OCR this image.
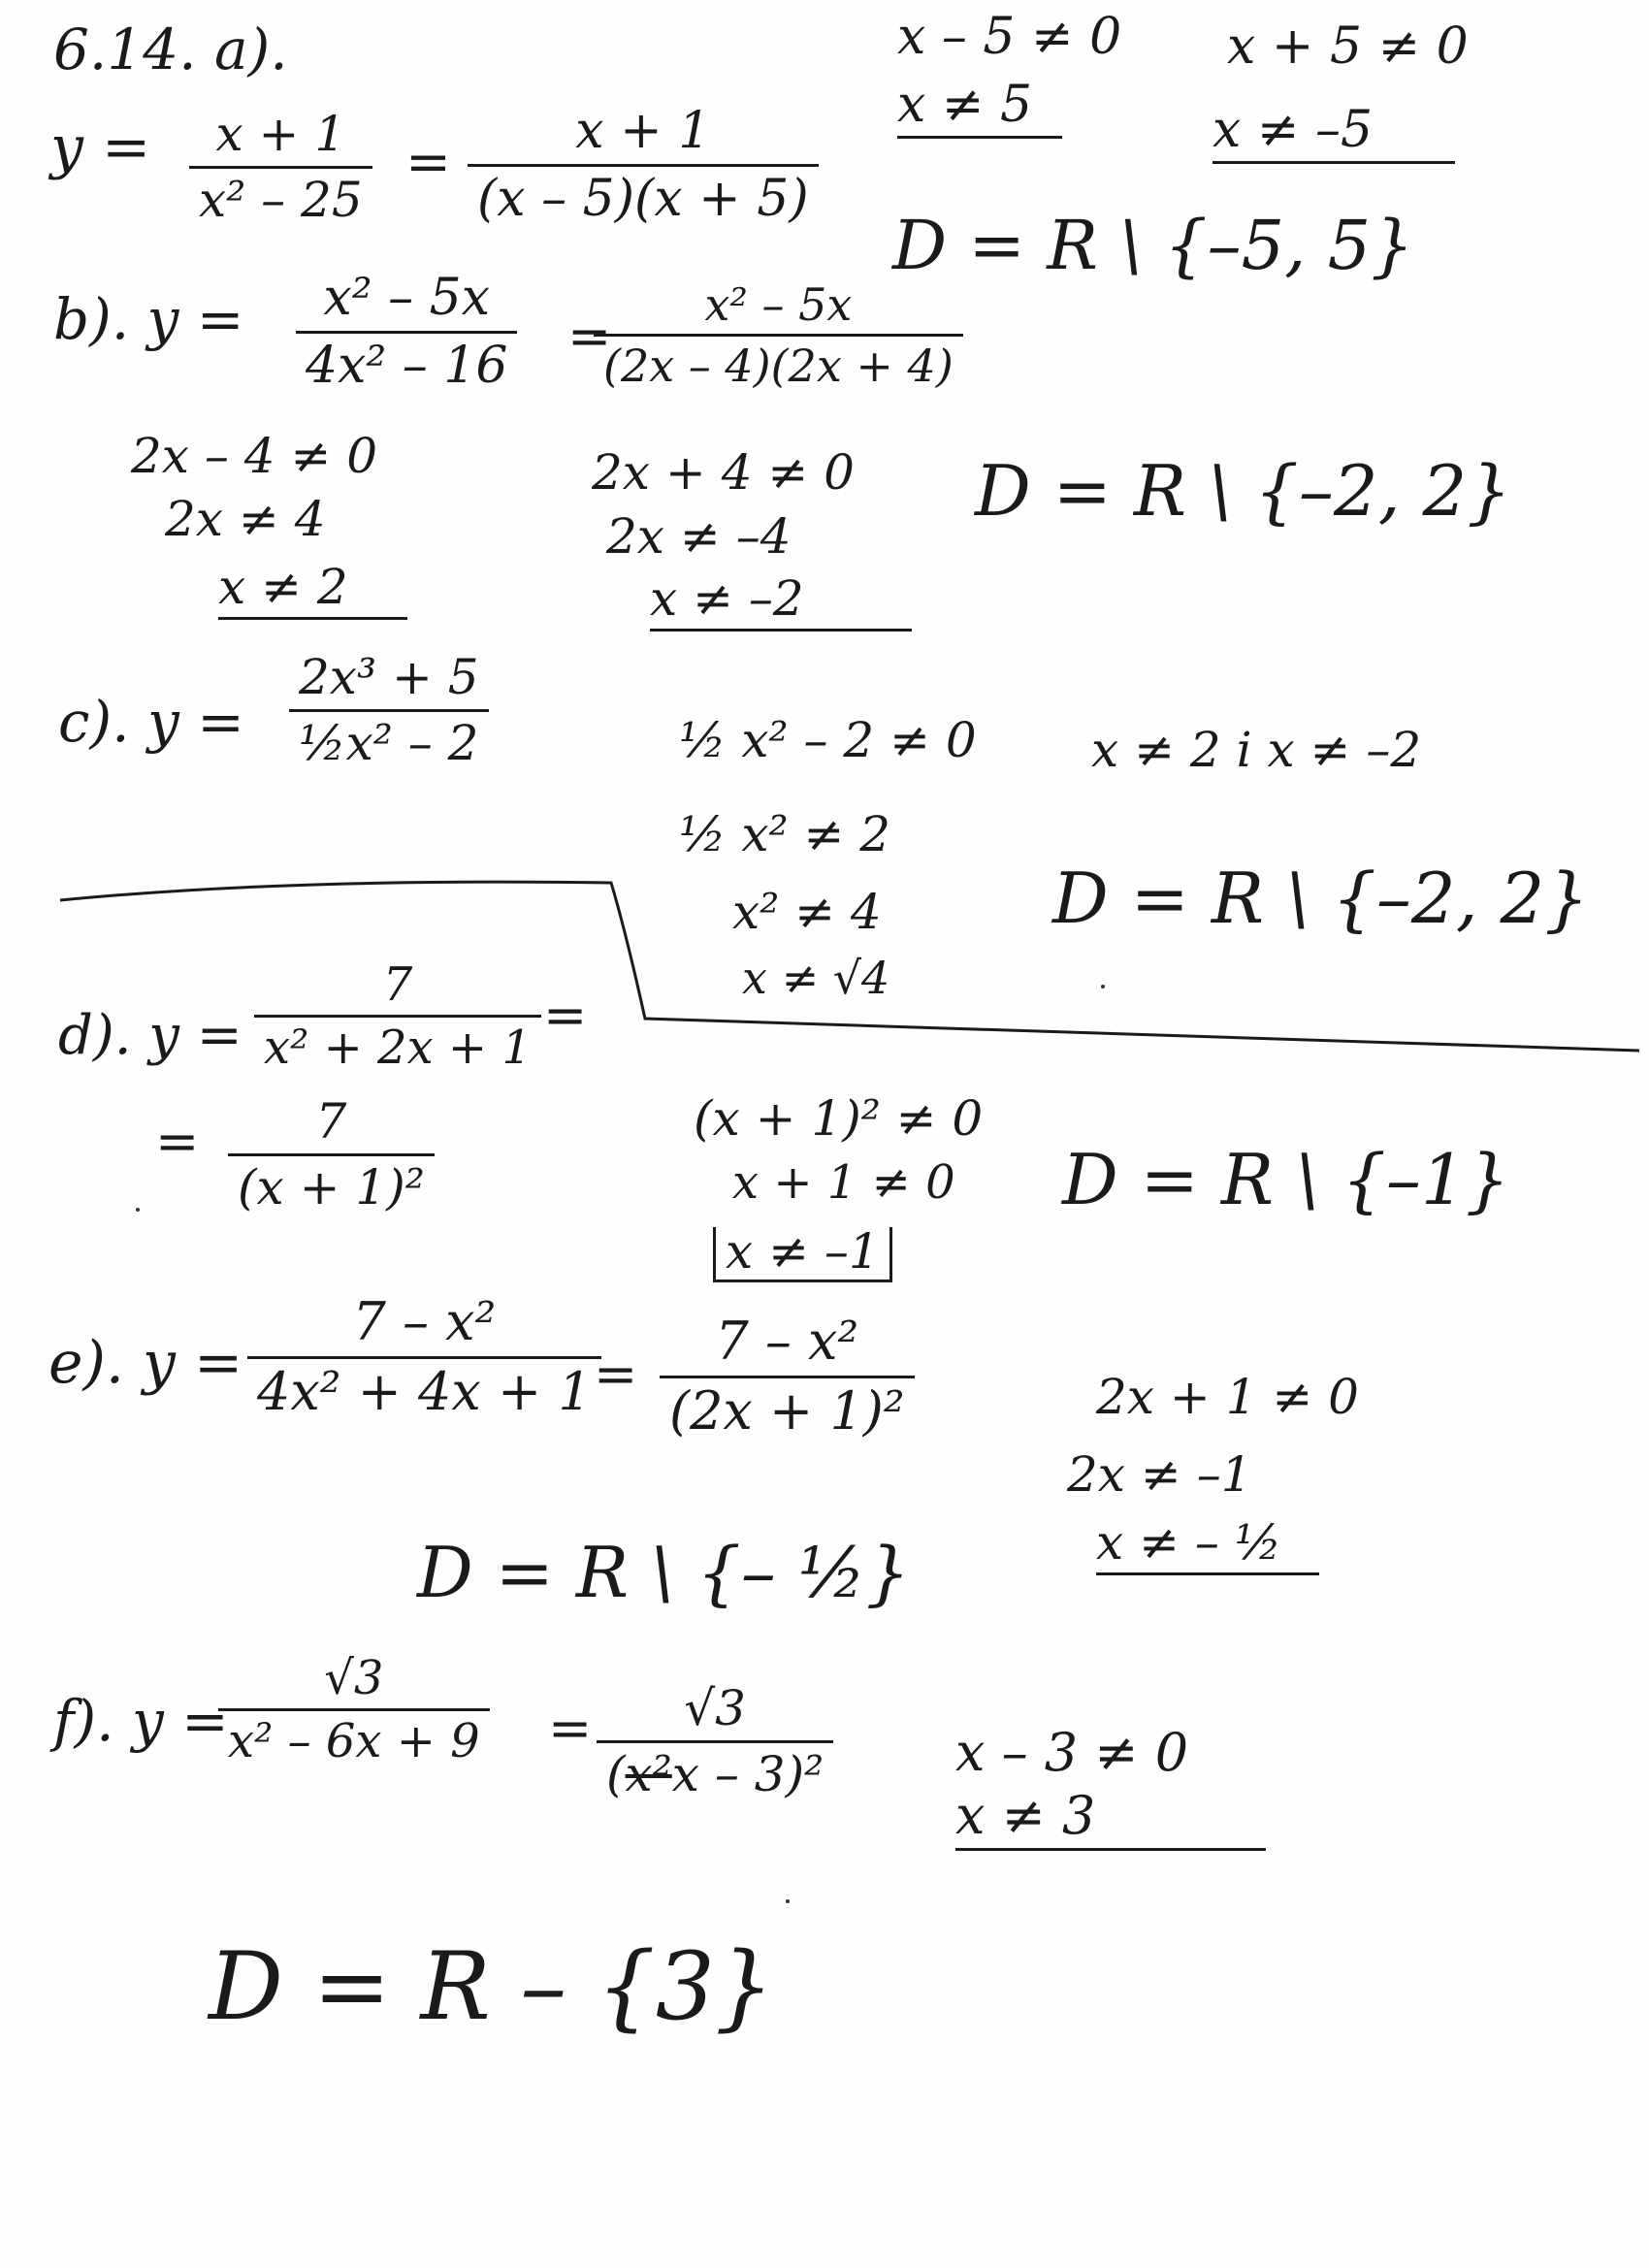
6.14. a).
y = x + 1
x² – 25
= x + 1
(x – 5)(x + 5)
x – 5 ≠ 0
x ≠ 5
x + 5 ≠ 0
x ≠ –5
D = R \ {–5, 5}
b). y = x² – 5x
4x² – 16 =
x² – 5x
(2x – 4)(2x + 4)
2x – 4 ≠ 0
2x ≠ 4
x ≠ 2
2x + 4 ≠ 0
2x ≠ –4
x ≠ –2
D = R \ {–2, 2}
c). y =
2x³ + 5
½x² – 2	½ x² – 2 ≠ 0
½ x² ≠ 2
x² ≠ 4
x ≠ √4
x ≠ 2 i x ≠ –2
D = R \ {–2, 2}
d). y =
7
x² + 2x + 1
=
= 7
(x + 1)²
(x + 1)² ≠ 0
x + 1 ≠ 0
x ≠ –1
D = R \ {–1}
e). y =
7 – x²
4x² + 4x + 1 =
7 – x²
(2x + 1)²	2x + 1 ≠ 0
2x ≠ –1
x ≠ – ½
D = R \ {– ½}
f). y =
√3
x² – 6x + 9 = √3
(x²x – 3)²	x – 3 ≠ 0
x ≠ 3
D = R – {3}
